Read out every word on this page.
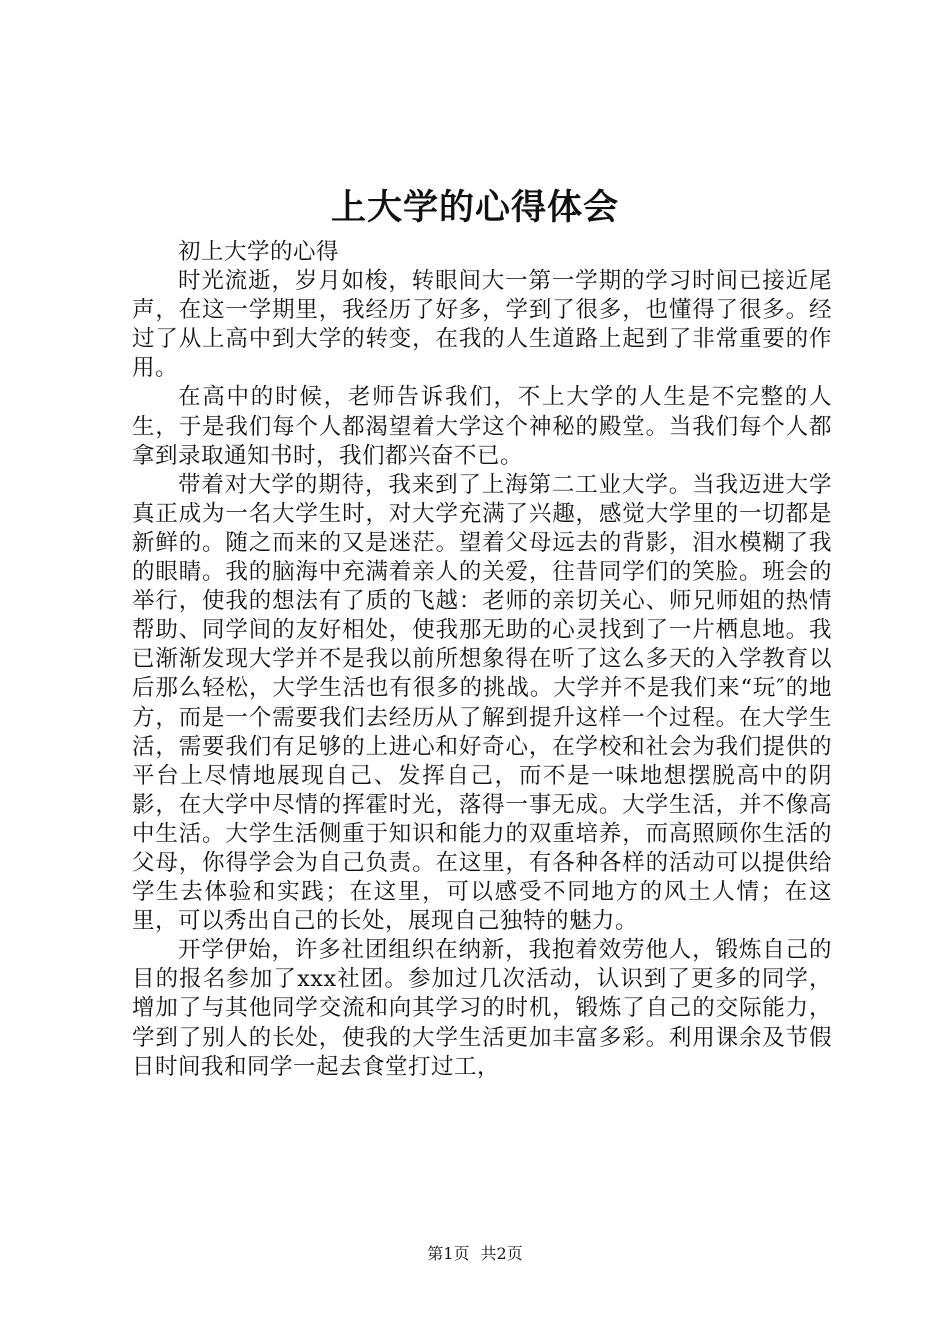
上大学的心得体会

初上大学的心得

时光流逝，岁月如梭，转眼间大一第一学期的学习时间已接近尾声，在这一学期里，我经历了好多，学到了很多，也懂得了很多。经过了从上高中到大学的转变，在我的人生道路上起到了非常重要的作用。

在高中的时候，老师告诉我们，不上大学的人生是不完整的人生，于是我们每个人都渴望着大学这个神秘的殿堂。当我们每个人都拿到录取通知书时，我们都兴奋不已。

带着对大学的期待，我来到了上海第二工业大学。当我迈进大学真正成为一名大学生时，对大学充满了兴趣，感觉大学里的一切都是新鲜的。随之而来的又是迷茫。望着父母远去的背影，泪水模糊了我的眼睛。我的脑海中充满着亲人的关爱，往昔同学们的笑脸。班会的举行，使我的想法有了质的飞越：老师的亲切关心、师兄师姐的热情帮助、同学间的友好相处，使我那无助的心灵找到了一片栖息地。我已渐渐发现大学并不是我以前所想象得在听了这么多天的入学教育以后那么轻松，大学生活也有很多的挑战。大学并不是我们来“玩″的地方，而是一个需要我们去经历从了解到提升这样一个过程。在大学生活，需要我们有足够的上进心和好奇心，在学校和社会为我们提供的平台上尽情地展现自己、发挥自己，而不是一味地想摆脱高中的阴影，在大学中尽情的挥霍时光，落得一事无成。大学生活，并不像高中生活。大学生活侧重于知识和能力的双重培养，而高照顾你生活的父母，你得学会为自己负责。在这里，有各种各样的活动可以提供给学生去体验和实践；在这里，可以感受不同地方的风土人情；在这里，可以秀出自己的长处，展现自己独特的魅力。

开学伊始，许多社团组织在纳新，我抱着效劳他人，锻炼自己的目的报名参加了xxx社团。参加过几次活动，认识到了更多的同学，增加了与其他同学交流和向其学习的时机，锻炼了自己的交际能力，学到了别人的长处，使我的大学生活更加丰富多彩。利用课余及节假日时间我和同学一起去食堂打过工，

第1页 共2页
